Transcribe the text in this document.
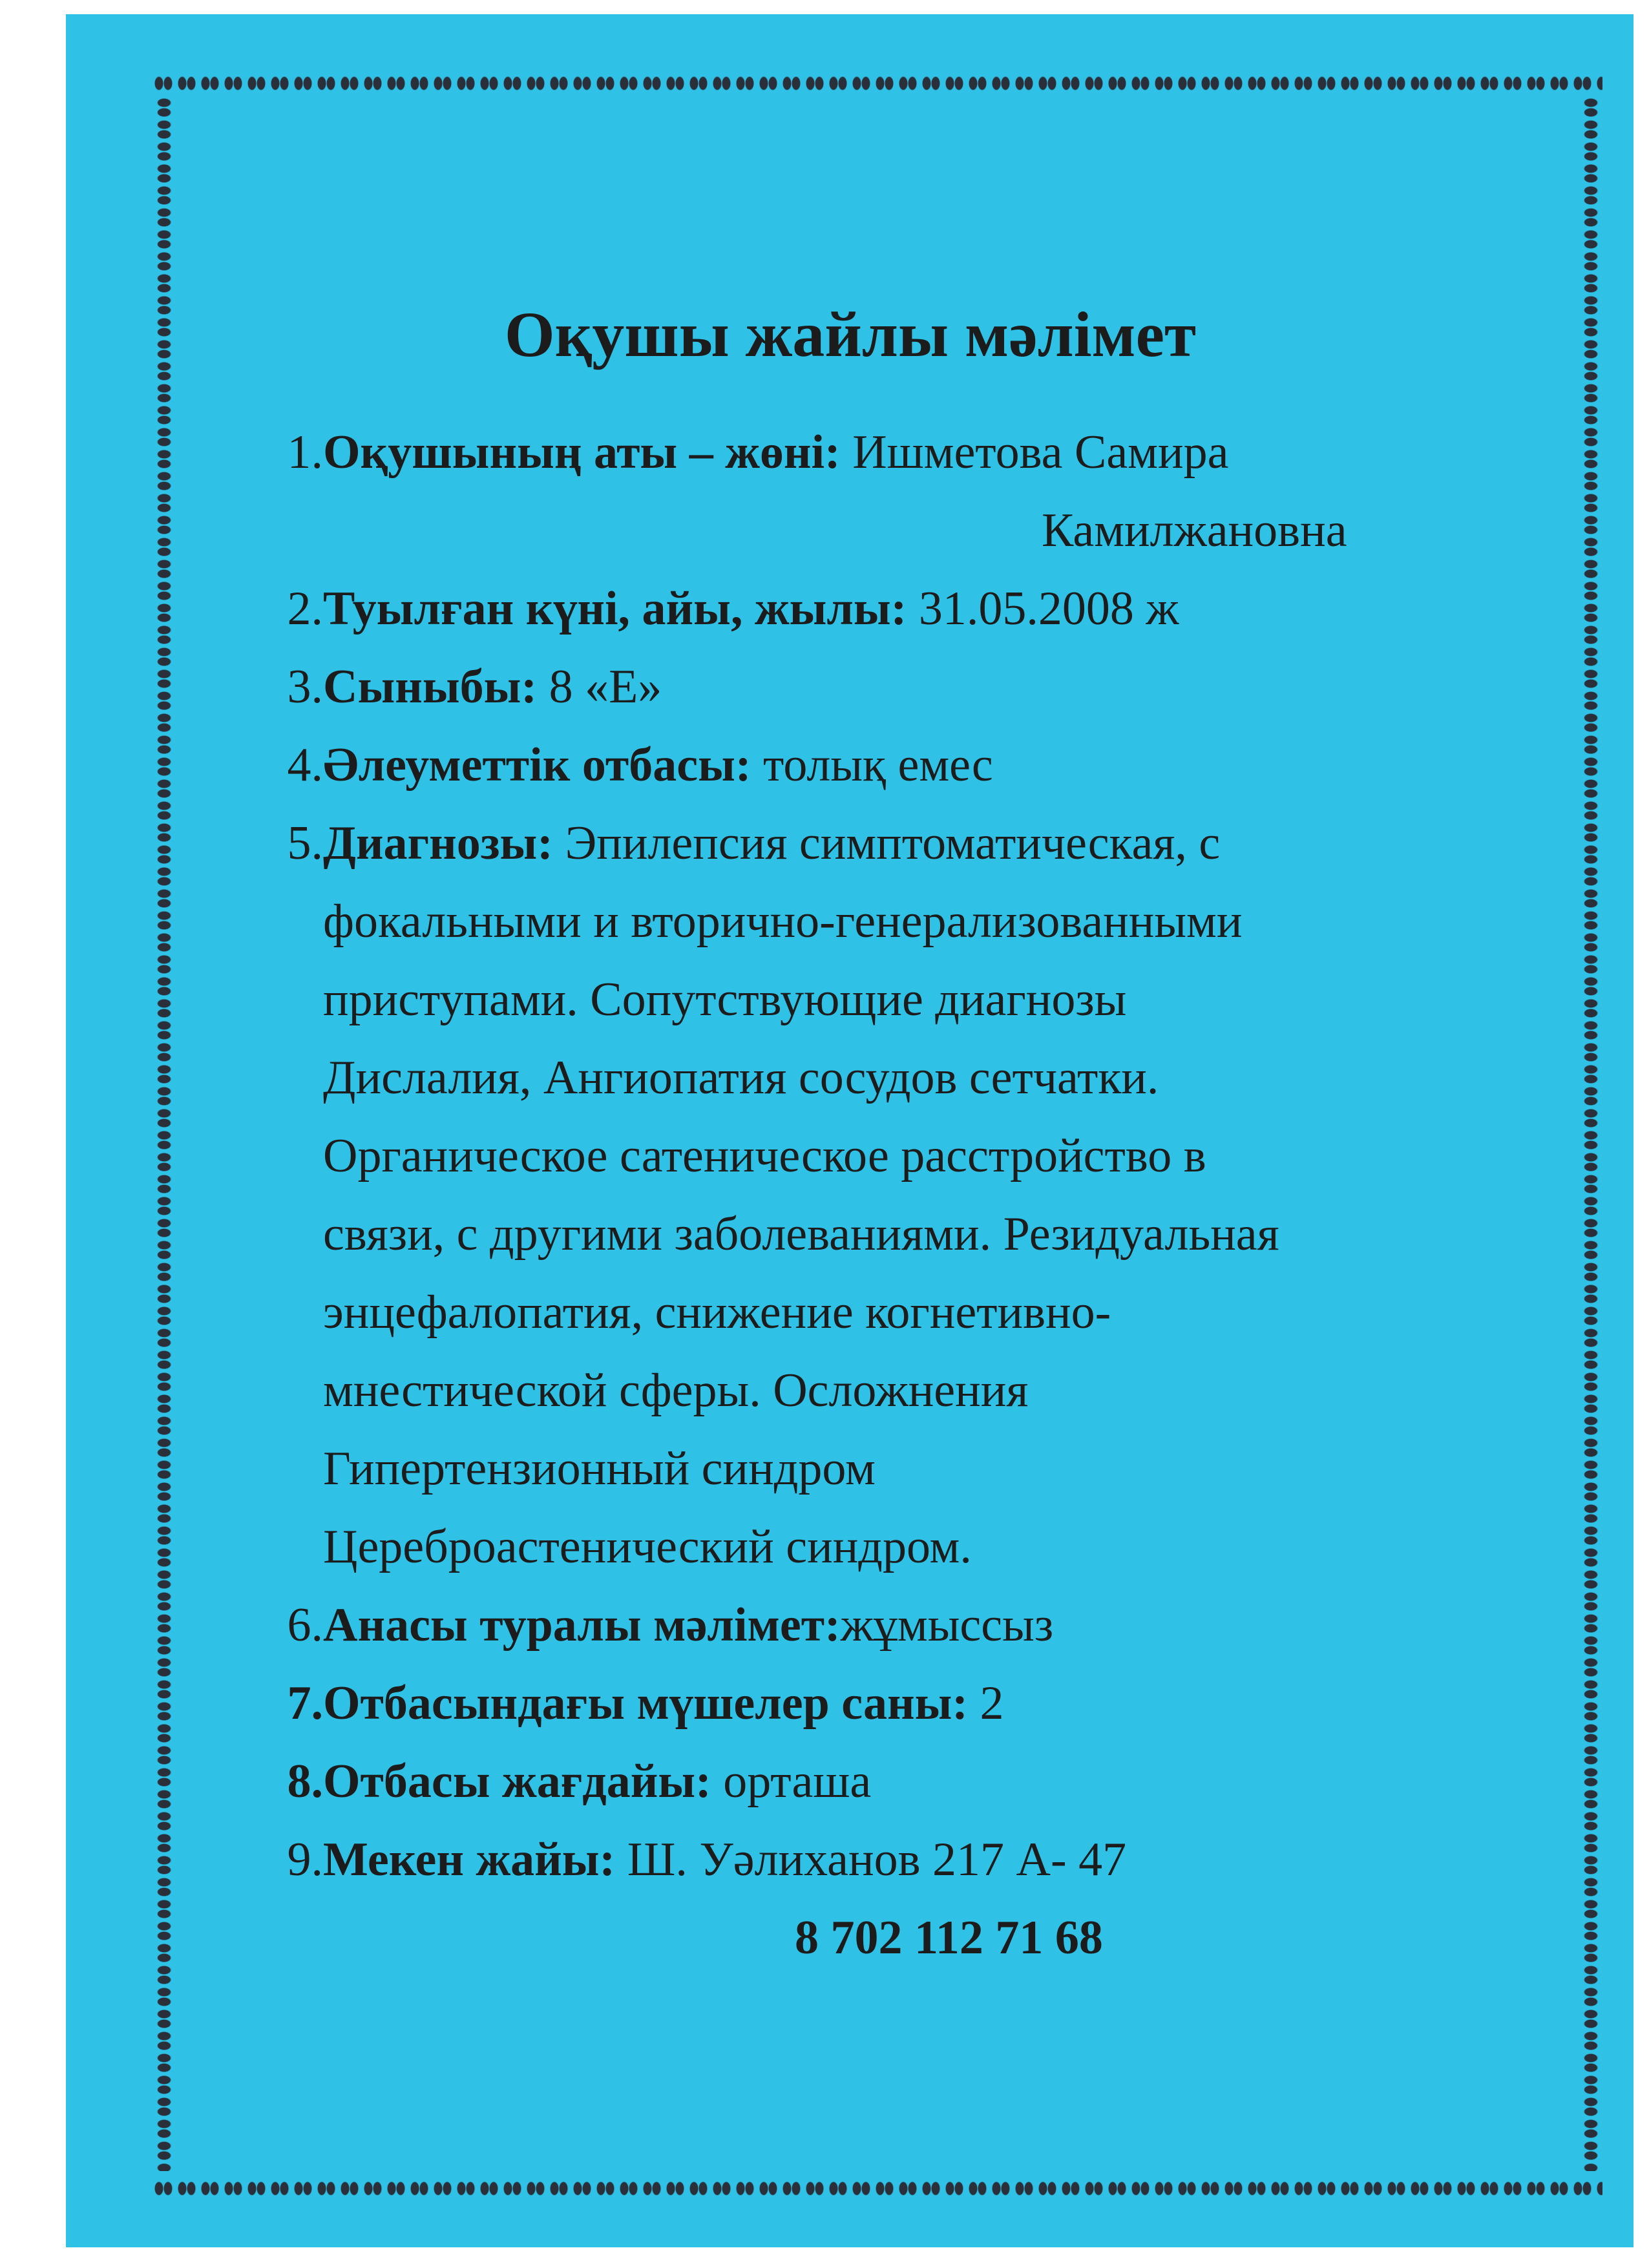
Оқушы жайлы мәлімет
1. Оқушының аты – жөні: Ишметова Самира
Камилжановна
2. Туылған күні, айы, жылы: 31.05.2008 ж
3. Сыныбы: 8 «Е»
4. Әлеуметтік отбасы: толық емес
5. Диагнозы: Эпилепсия симптоматическая, с
фокальными и вторично-генерализованными
приступами. Сопутствующие диагнозы
Дислалия, Ангиопатия сосудов сетчатки.
Органическое сатеническое расстройство в
связи, с другими заболеваниями. Резидуальная
энцефалопатия, снижение когнетивно-
мнестической сферы. Осложнения
Гипертензионный синдром
Цереброастенический синдром.
6. Анасы туралы мәлімет:жұмыссыз
7. Отбасындағы мүшелер саны: 2
8. Отбасы жағдайы: орташа
9. Мекен жайы: Ш. Уәлиханов 217 А- 47
8 702 112 71 68
